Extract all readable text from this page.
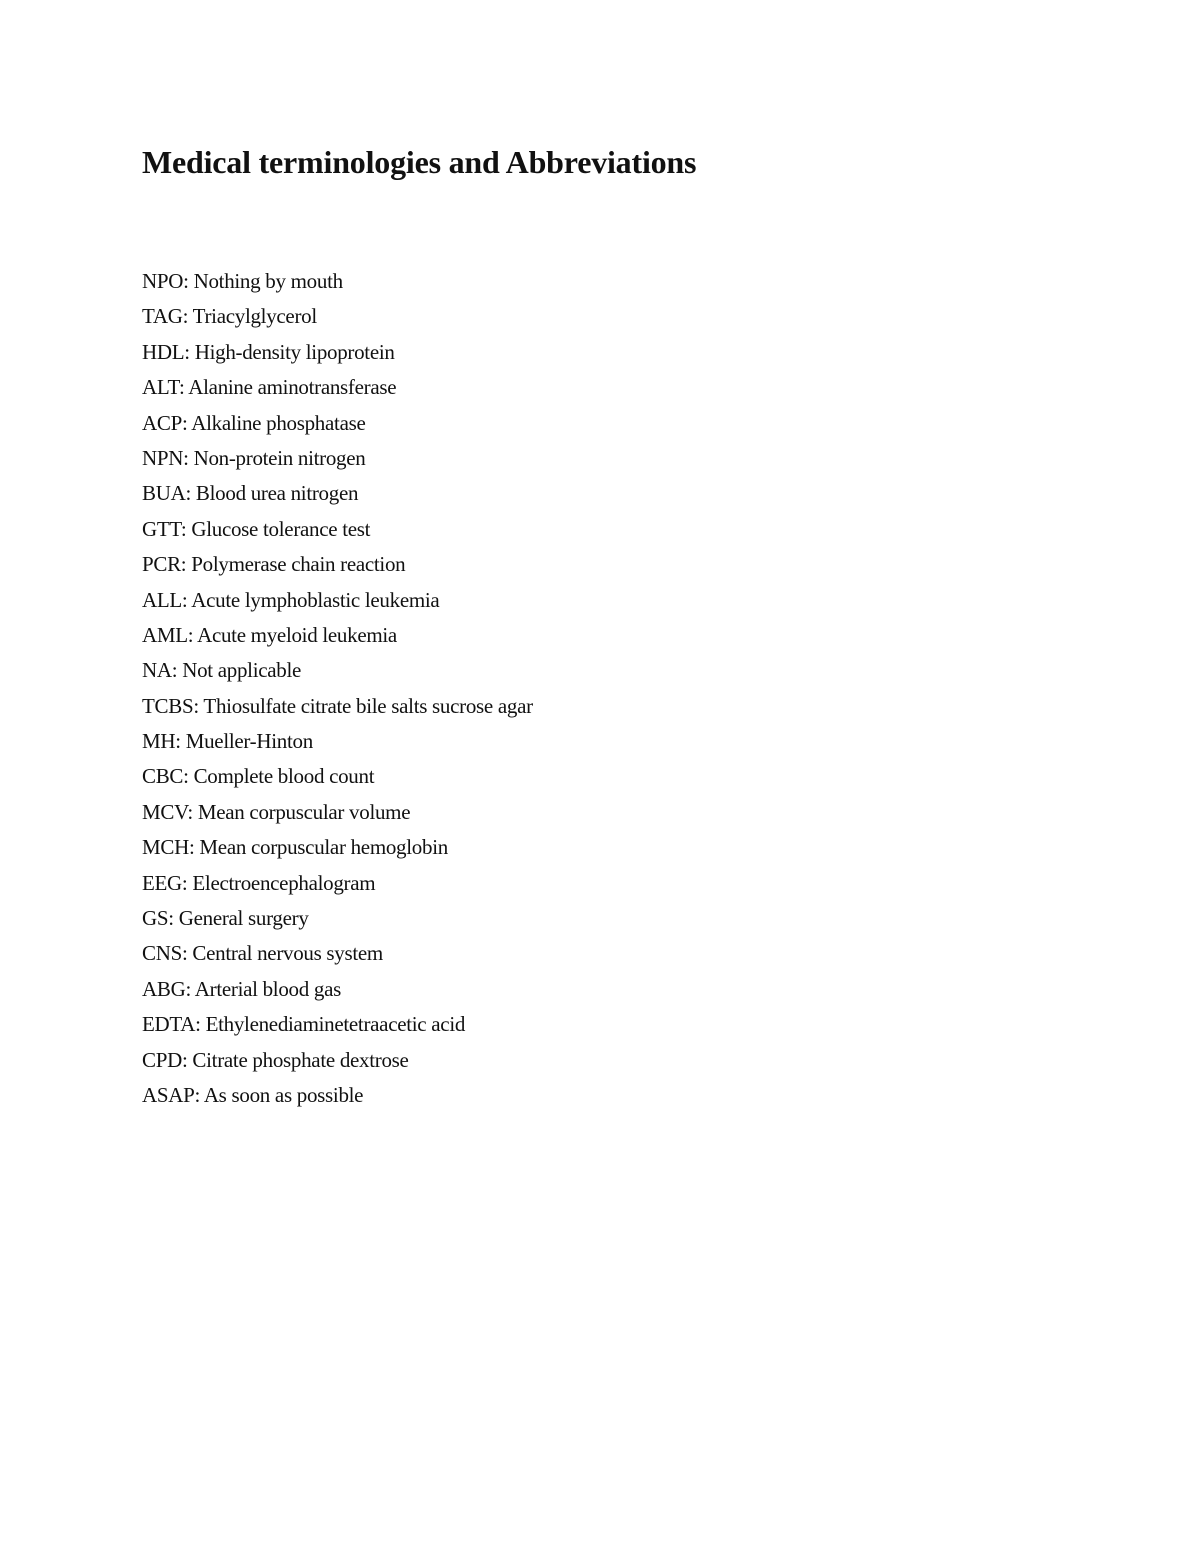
Medical terminologies and Abbreviations
NPO: Nothing by mouth
TAG: Triacylglycerol
HDL: High-density lipoprotein
ALT: Alanine aminotransferase
ACP: Alkaline phosphatase
NPN: Non-protein nitrogen
BUA: Blood urea nitrogen
GTT: Glucose tolerance test
PCR: Polymerase chain reaction
ALL: Acute lymphoblastic leukemia
AML: Acute myeloid leukemia
NA: Not applicable
TCBS: Thiosulfate citrate bile salts sucrose agar
MH: Mueller-Hinton
CBC: Complete blood count
MCV: Mean corpuscular volume
MCH: Mean corpuscular hemoglobin
EEG: Electroencephalogram
GS: General surgery
CNS: Central nervous system
ABG: Arterial blood gas
EDTA: Ethylenediaminetetraacetic acid
CPD: Citrate phosphate dextrose
ASAP: As soon as possible
